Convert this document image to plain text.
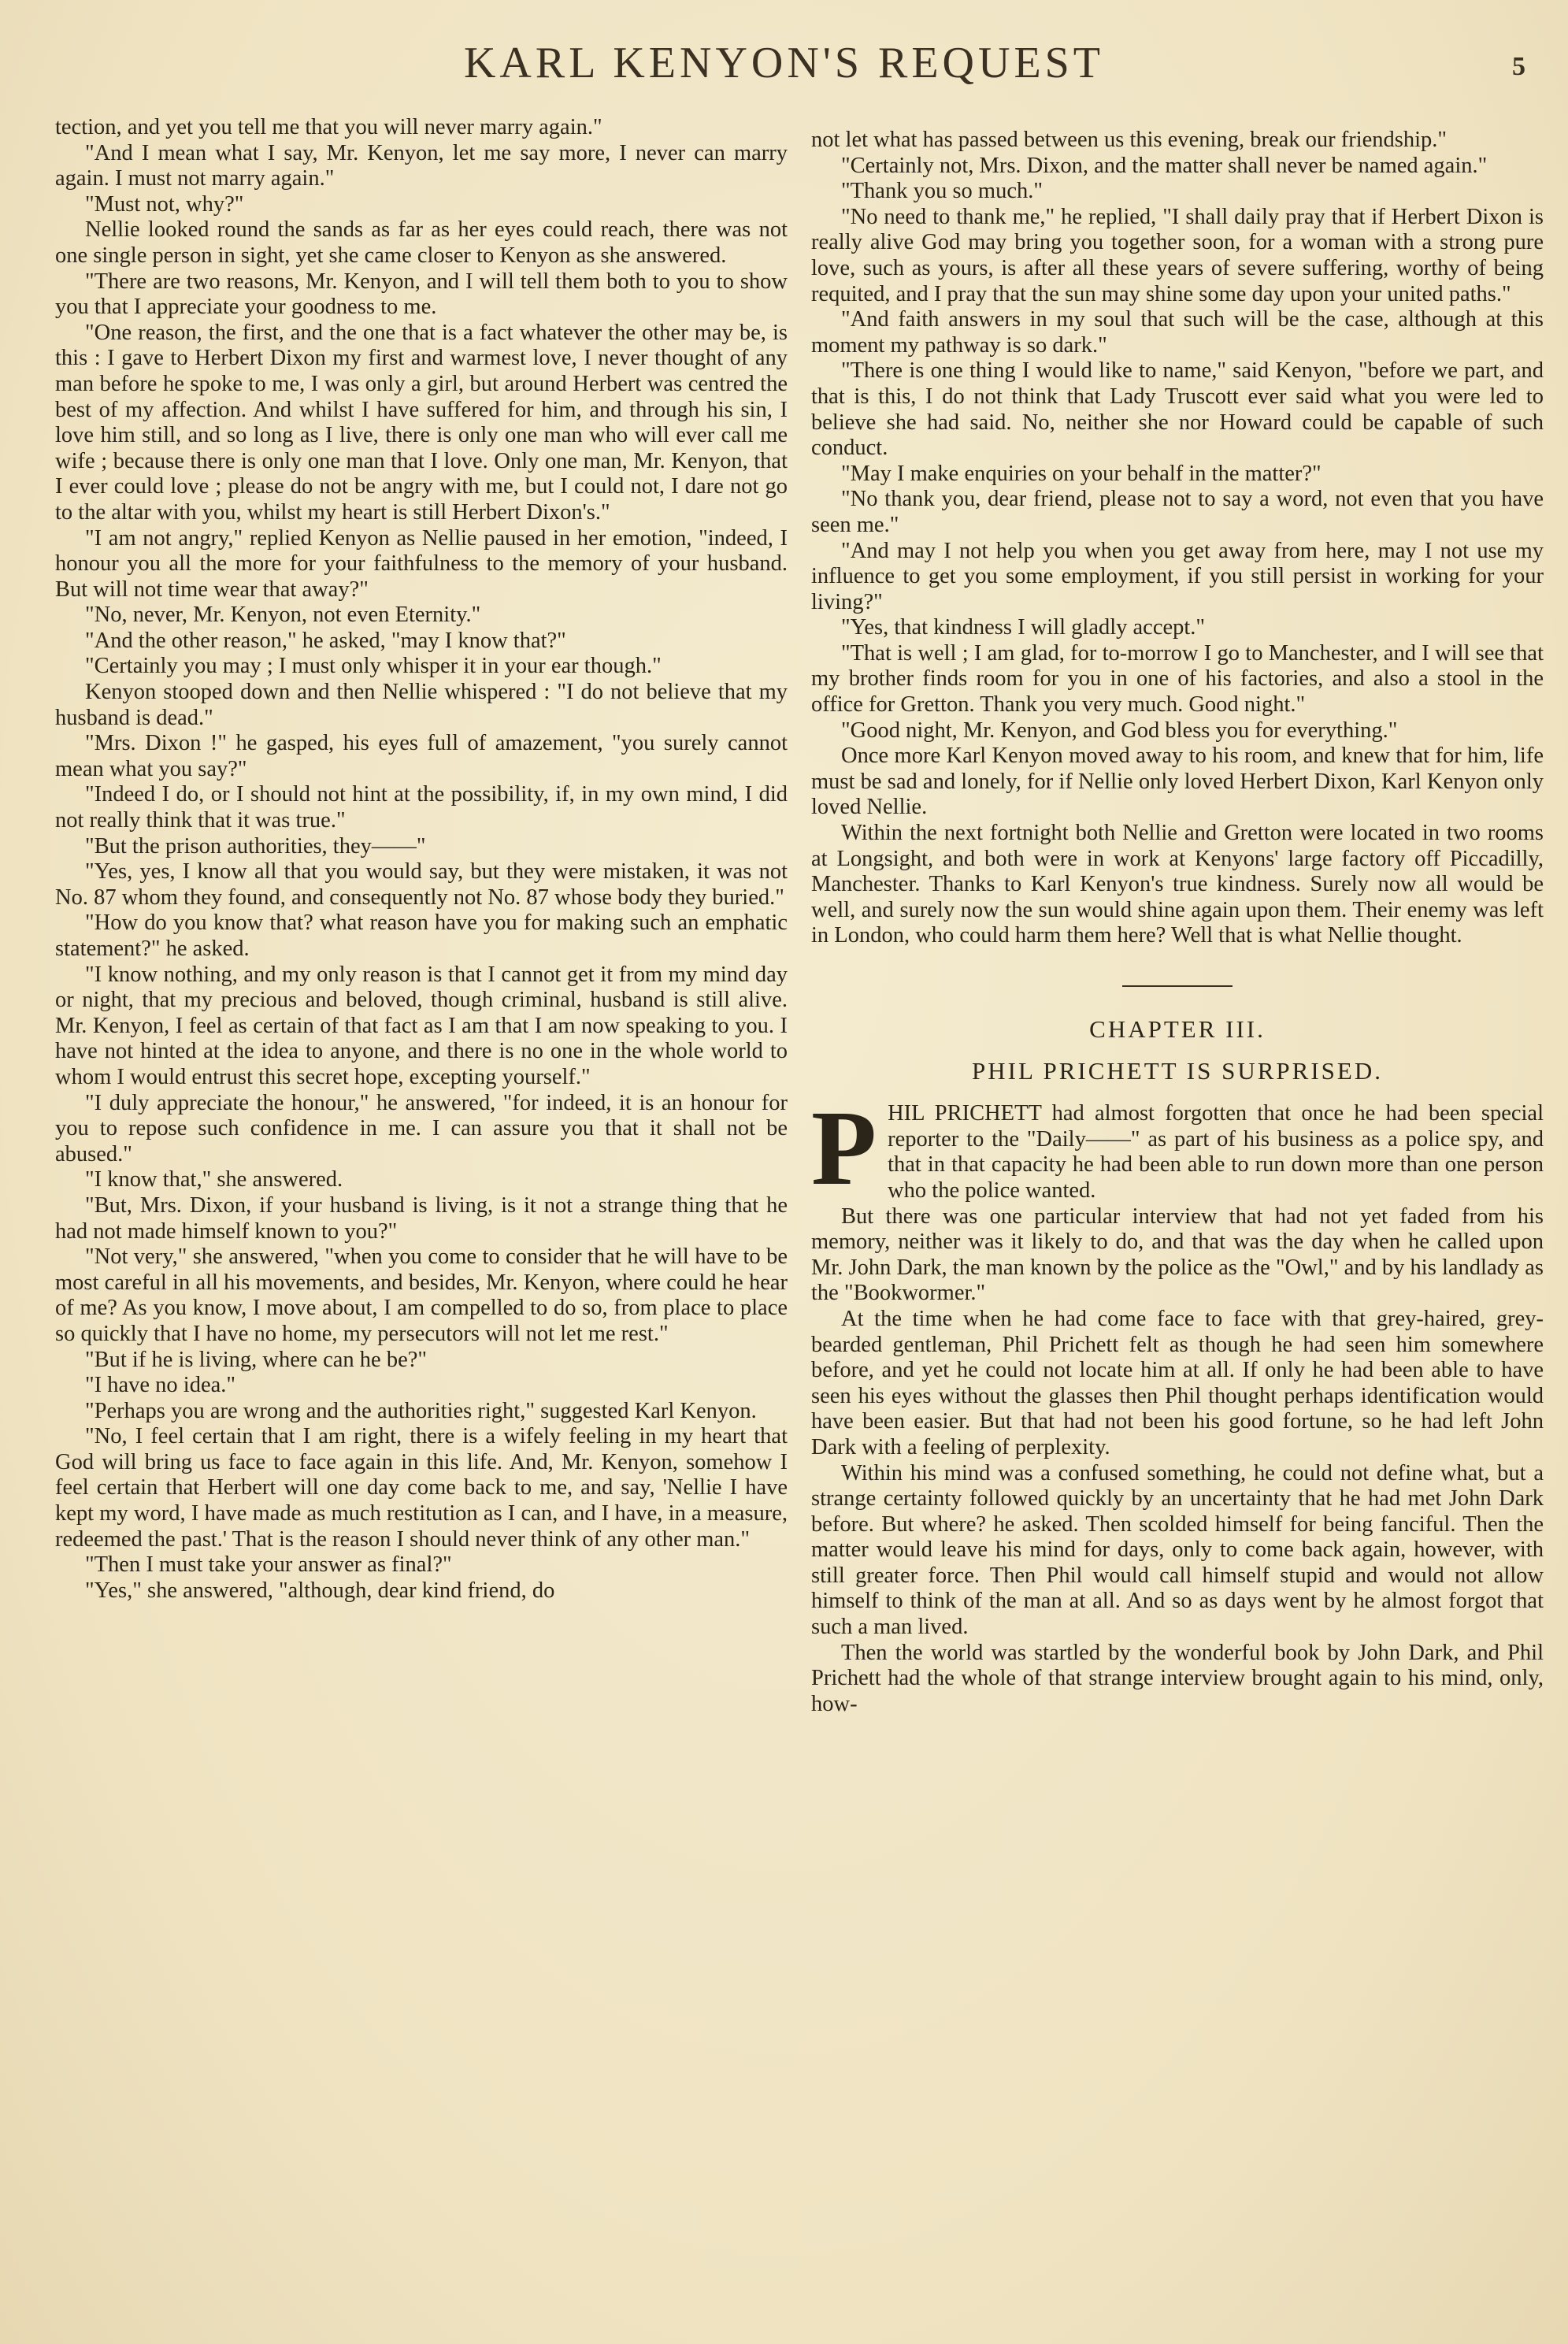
KARL KENYON'S REQUEST	5

tection, and yet you tell me that you will never marry again."

"And I mean what I say, Mr. Kenyon, let me say more, I never can marry again. I must not marry again."

"Must not, why?"

Nellie looked round the sands as far as her eyes could reach, there was not one single person in sight, yet she came closer to Kenyon as she answered.

"There are two reasons, Mr. Kenyon, and I will tell them both to you to show you that I appreciate your goodness to me.

"One reason, the first, and the one that is a fact whatever the other may be, is this : I gave to Herbert Dixon my first and warmest love, I never thought of any man before he spoke to me, I was only a girl, but around Herbert was centred the best of my affection. And whilst I have suffered for him, and through his sin, I love him still, and so long as I live, there is only one man who will ever call me wife ; because there is only one man that I love. Only one man, Mr. Kenyon, that I ever could love ; please do not be angry with me, but I could not, I dare not go to the altar with you, whilst my heart is still Herbert Dixon's."

"I am not angry," replied Kenyon as Nellie paused in her emotion, "indeed, I honour you all the more for your faithfulness to the memory of your husband. But will not time wear that away?"

"No, never, Mr. Kenyon, not even Eternity."

"And the other reason," he asked, "may I know that?"

"Certainly you may ; I must only whisper it in your ear though."

Kenyon stooped down and then Nellie whispered : "I do not believe that my husband is dead."

"Mrs. Dixon !" he gasped, his eyes full of amazement, "you surely cannot mean what you say?"

"Indeed I do, or I should not hint at the possibility, if, in my own mind, I did not really think that it was true."

"But the prison authorities, they——"

"Yes, yes, I know all that you would say, but they were mistaken, it was not No. 87 whom they found, and consequently not No. 87 whose body they buried."

"How do you know that? what reason have you for making such an emphatic statement?" he asked.

"I know nothing, and my only reason is that I cannot get it from my mind day or night, that my precious and beloved, though criminal, husband is still alive. Mr. Kenyon, I feel as certain of that fact as I am that I am now speaking to you. I have not hinted at the idea to anyone, and there is no one in the whole world to whom I would entrust this secret hope, excepting yourself."

"I duly appreciate the honour," he answered, "for indeed, it is an honour for you to repose such confidence in me. I can assure you that it shall not be abused."

"I know that," she answered.

"But, Mrs. Dixon, if your husband is living, is it not a strange thing that he had not made himself known to you?"

"Not very," she answered, "when you come to consider that he will have to be most careful in all his movements, and besides, Mr. Kenyon, where could he hear of me? As you know, I move about, I am compelled to do so, from place to place so quickly that I have no home, my persecutors will not let me rest."

"But if he is living, where can he be?"

"I have no idea."

"Perhaps you are wrong and the authorities right," suggested Karl Kenyon.

"No, I feel certain that I am right, there is a wifely feeling in my heart that God will bring us face to face again in this life. And, Mr. Kenyon, somehow I feel certain that Herbert will one day come back to me, and say, 'Nellie I have kept my word, I have made as much restitution as I can, and I have, in a measure, redeemed the past.' That is the reason I should never think of any other man."

"Then I must take your answer as final?"

"Yes," she answered, "although, dear kind friend, do

not let what has passed between us this evening, break our friendship."

"Certainly not, Mrs. Dixon, and the matter shall never be named again."

"Thank you so much."

"No need to thank me," he replied, "I shall daily pray that if Herbert Dixon is really alive God may bring you together soon, for a woman with a strong pure love, such as yours, is after all these years of severe suffering, worthy of being requited, and I pray that the sun may shine some day upon your united paths."

"And faith answers in my soul that such will be the case, although at this moment my pathway is so dark."

"There is one thing I would like to name," said Kenyon, "before we part, and that is this, I do not think that Lady Truscott ever said what you were led to believe she had said. No, neither she nor Howard could be capable of such conduct.

"May I make enquiries on your behalf in the matter?"

"No thank you, dear friend, please not to say a word, not even that you have seen me."

"And may I not help you when you get away from here, may I not use my influence to get you some employment, if you still persist in working for your living?"

"Yes, that kindness I will gladly accept."

"That is well ; I am glad, for to-morrow I go to Manchester, and I will see that my brother finds room for you in one of his factories, and also a stool in the office for Gretton. Thank you very much. Good night."

"Good night, Mr. Kenyon, and God bless you for everything."

Once more Karl Kenyon moved away to his room, and knew that for him, life must be sad and lonely, for if Nellie only loved Herbert Dixon, Karl Kenyon only loved Nellie.

Within the next fortnight both Nellie and Gretton were located in two rooms at Longsight, and both were in work at Kenyons' large factory off Piccadilly, Manchester. Thanks to Karl Kenyon's true kindness. Surely now all would be well, and surely now the sun would shine again upon them. Their enemy was left in London, who could harm them here? Well that is what Nellie thought.

CHAPTER III.
PHIL PRICHETT IS SURPRISED.

PHIL PRICHETT had almost forgotten that once he had been special reporter to the "Daily——" as part of his business as a police spy, and that in that capacity he had been able to run down more than one person who the police wanted.

But there was one particular interview that had not yet faded from his memory, neither was it likely to do, and that was the day when he called upon Mr. John Dark, the man known by the police as the "Owl," and by his landlady as the "Bookwormer."

At the time when he had come face to face with that grey-haired, grey-bearded gentleman, Phil Prichett felt as though he had seen him somewhere before, and yet he could not locate him at all. If only he had been able to have seen his eyes without the glasses then Phil thought perhaps identification would have been easier. But that had not been his good fortune, so he had left John Dark with a feeling of perplexity.

Within his mind was a confused something, he could not define what, but a strange certainty followed quickly by an uncertainty that he had met John Dark before. But where? he asked. Then scolded himself for being fanciful. Then the matter would leave his mind for days, only to come back again, however, with still greater force. Then Phil would call himself stupid and would not allow himself to think of the man at all. And so as days went by he almost forgot that such a man lived.

Then the world was startled by the wonderful book by John Dark, and Phil Prichett had the whole of that strange interview brought again to his mind, only, how-
